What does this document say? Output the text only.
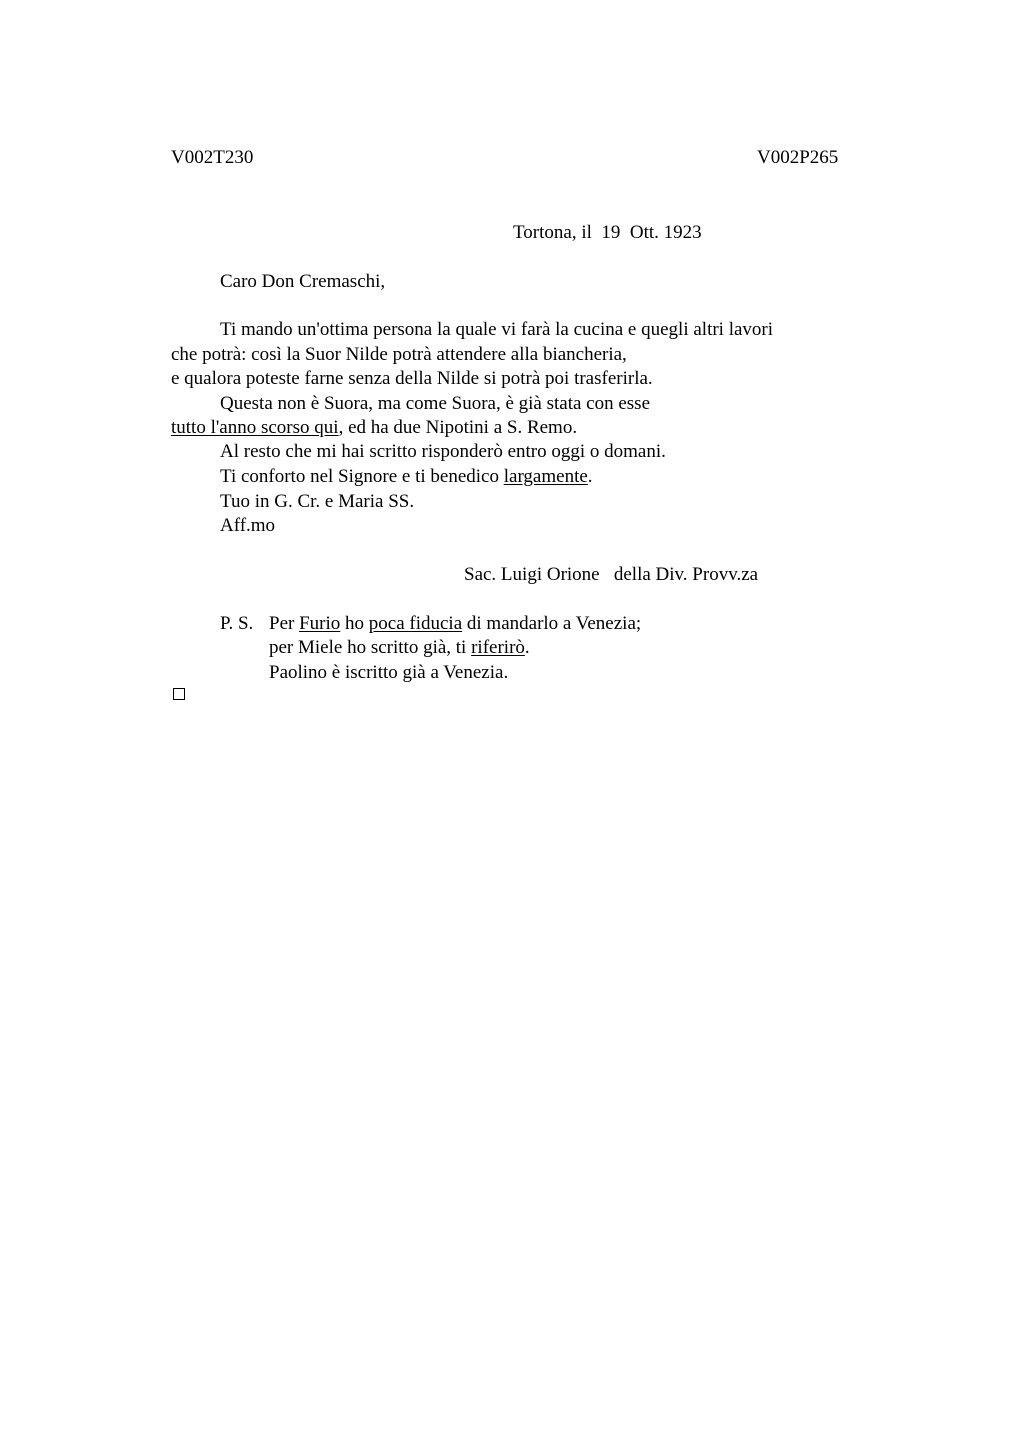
V002T230	V002P265
Tortona, il  19  Ott. 1923
Caro Don Cremaschi,
Ti mando un'ottima persona la quale vi farà la cucina e quegli altri lavori
che potrà: così la Suor Nilde potrà attendere alla biancheria,
e qualora poteste farne senza della Nilde si potrà poi trasferirla.
Questa non è Suora, ma come Suora, è già stata con esse
tutto l'anno scorso qui, ed ha due Nipotini a S. Remo.
Al resto che mi hai scritto risponderò entro oggi o domani.
Ti conforto nel Signore e ti benedico largamente.
Tuo in G. Cr. e Maria SS.
Aff.mo
Sac. Luigi Orione   della Div. Provv.za
P. S. Per Furio ho poca fiducia di mandarlo a Venezia;
per Miele ho scritto già, ti riferirò.
Paolino è iscritto già a Venezia.
